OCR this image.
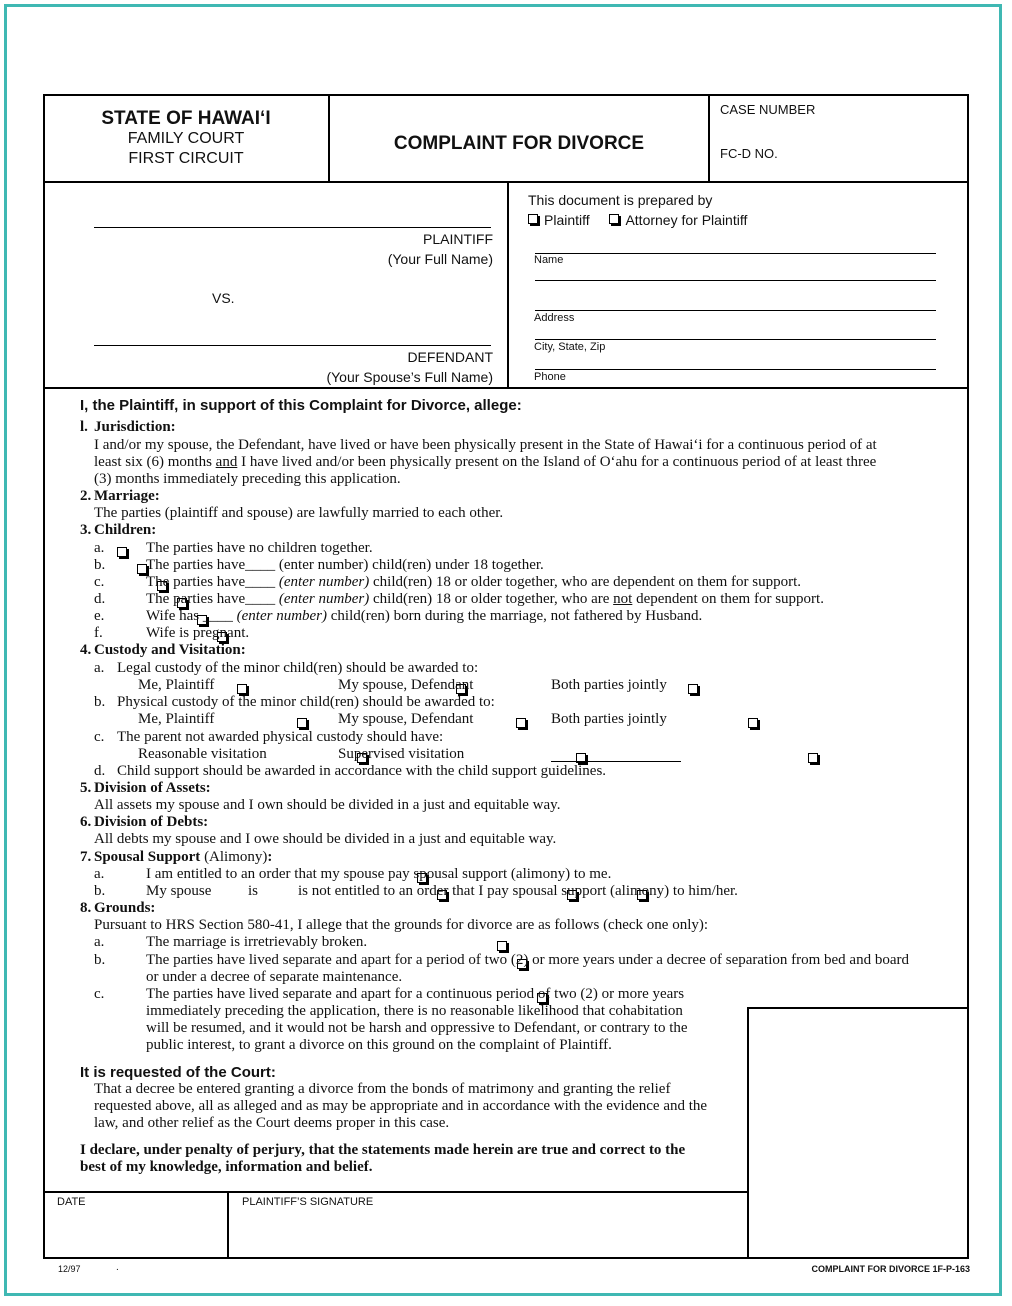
STATE OF HAWAI‘I
FAMILY COURT
FIRST CIRCUIT
COMPLAINT FOR DIVORCE
CASE NUMBER
FC-D NO.
PLAINTIFF
(Your Full Name)
VS.
DEFENDANT
(Your Spouse’s Full Name)
This document is prepared by
Plaintiff	Attorney for Plaintiff
Name
Address
City, State, Zip
Phone
I, the Plaintiff, in support of this Complaint for Divorce, allege:
l. Jurisdiction:
I and/or my spouse, the Defendant, have lived or have been physically present in the State of Hawai‘i for a continuous period of at
least six (6) months and I have lived and/or been physically present on the Island of O‘ahu for a continuous period of at least three
(3) months immediately preceding this application.
2. Marriage:
The parties (plaintiff and spouse) are lawfully married to each other.
3. Children:
a.
	The parties have no children together.
b.
	The parties have____ (enter number) child(ren) under 18 together.
c.
	The parties have____ (enter number) child(ren) 18 or older together, who are dependent on them for support.
d.
	The parties have____ (enter number) child(ren) 18 or older together, who are not dependent on them for support.
e.
	Wife has ____ (enter number) child(ren) born during the marriage, not fathered by Husband.
f.
	Wife is pregnant.
4. Custody and Visitation:
a. Legal custody of the minor child(ren) should be awarded to:

Me, Plaintiff
	My spouse, Defendant
	Both parties jointly
b. Physical custody of the minor child(ren) should be awarded to:

Me, Plaintiff
	My spouse, Defendant
	Both parties jointly
c. The parent not awarded physical custody should have:

Reasonable visitation
	Supervised visitation

d. Child support should be awarded in accordance with the child support guidelines.
5. Division of Assets:
All assets my spouse and I own should be divided in a just and equitable way.
6. Division of Debts:
All debts my spouse and I owe should be divided in a just and equitable way.
7. Spousal Support (Alimony):
a.
	I am entitled to an order that my spouse pay spousal support (alimony) to me.
b.
	My spouse
is
	is not entitled to an order that I pay spousal support (alimony) to him/her.
8. Grounds:
Pursuant to HRS Section 580-41, I allege that the grounds for divorce are as follows (check one only):
a.
	The marriage is irretrievably broken.
b.
	The parties have lived separate and apart for a period of two (2) or more years under a decree of separation from bed and board
or under a decree of separate maintenance.
c.	The parties have lived separate and apart for a continuous period of two (2) or more years
immediately preceding the application, there is no reasonable likelihood that cohabitation
will be resumed, and it would not be harsh and oppressive to Defendant, or contrary to the
public interest, to grant a divorce on this ground on the complaint of Plaintiff.
It is requested of the Court:
That a decree be entered granting a divorce from the bonds of matrimony and granting the relief
requested above, all as alleged and as may be appropriate and in accordance with the evidence and the
law, and other relief as the Court deems proper in this case.
I declare, under penalty of perjury, that the statements made herein are true and correct to the
best of my knowledge, information and belief.
DATE	PLAINTIFF’S SIGNATURE
12/97	.	COMPLAINT FOR DIVORCE 1F-P-163
